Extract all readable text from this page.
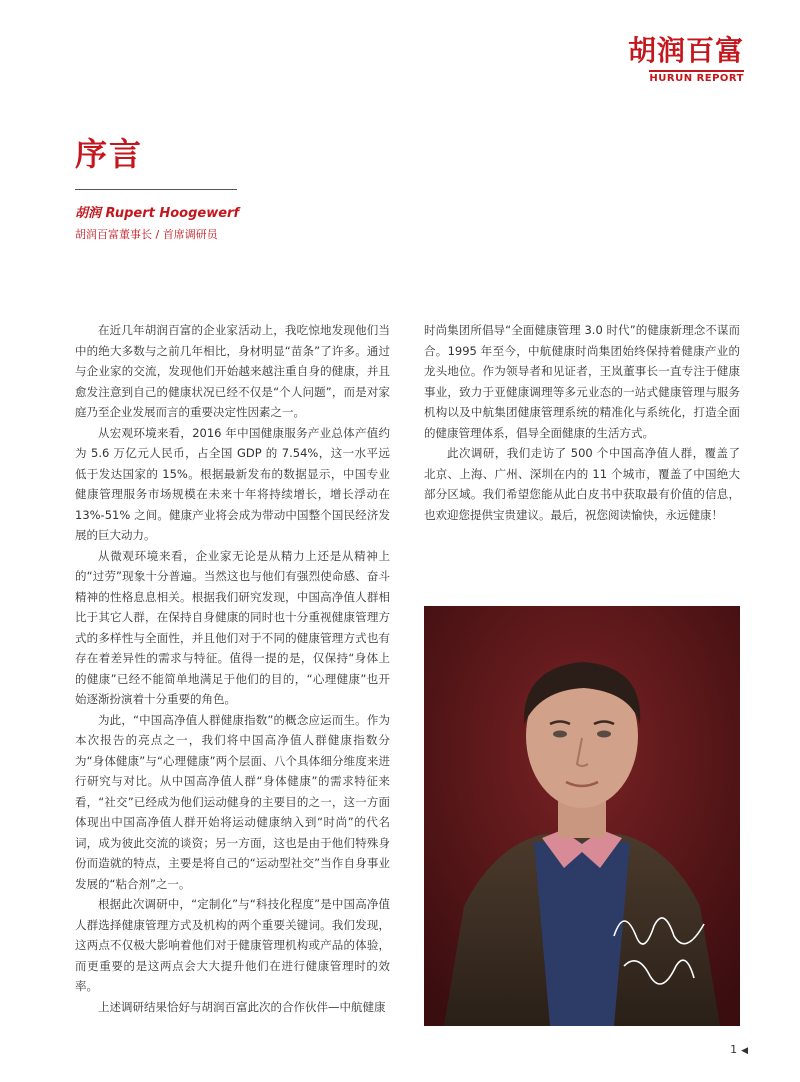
胡润百富
HURUN REPORT
序言
胡润 Rupert Hoogewerf
胡润百富董事长 / 首席调研员

在近几年胡润百富的企业家活动上，我吃惊地发现他们当中的绝大多数与之前几年相比，身材明显“苗条”了许多。通过与企业家的交流，发现他们开始越来越注重自身的健康，并且愈发注意到自己的健康状况已经不仅是“个人问题”，而是对家庭乃至企业发展而言的重要决定性因素之一。

从宏观环境来看，2016 年中国健康服务产业总体产值约为 5.6 万亿元人民币，占全国 GDP 的 7.54%，这一水平远低于发达国家的 15%。根据最新发布的数据显示，中国专业健康管理服务市场规模在未来十年将持续增长，增长浮动在 13%-51% 之间。健康产业将会成为带动中国整个国民经济发展的巨大动力。

从微观环境来看，企业家无论是从精力上还是从精神上的“过劳”现象十分普遍。当然这也与他们有强烈使命感、奋斗精神的性格息息相关。根据我们研究发现，中国高净值人群相比于其它人群，在保持自身健康的同时也十分重视健康管理方式的多样性与全面性，并且他们对于不同的健康管理方式也有存在着差异性的需求与特征。值得一提的是，仅保持“身体上的健康”已经不能简单地满足于他们的目的，“心理健康”也开始逐渐扮演着十分重要的角色。

为此，“中国高净值人群健康指数”的概念应运而生。作为本次报告的亮点之一，我们将中国高净值人群健康指数分为“身体健康”与“心理健康”两个层面、八个具体细分维度来进行研究与对比。从中国高净值人群“身体健康”的需求特征来看，“社交”已经成为他们运动健身的主要目的之一，这一方面体现出中国高净值人群开始将运动健康纳入到“时尚”的代名词，成为彼此交流的谈资；另一方面，这也是由于他们特殊身份而造就的特点，主要是将自己的“运动型社交”当作自身事业发展的“粘合剂”之一。

根据此次调研中，“定制化”与“科技化程度”是中国高净值人群选择健康管理方式及机构的两个重要关键词。我们发现，这两点不仅极大影响着他们对于健康管理机构或产品的体验，而更重要的是这两点会大大提升他们在进行健康管理时的效率。

上述调研结果恰好与胡润百富此次的合作伙伴—中航健康

时尚集团所倡导“全面健康管理 3.0 时代”的健康新理念不谋而合。1995 年至今，中航健康时尚集团始终保持着健康产业的龙头地位。作为领导者和见证者，王岚董事长一直专注于健康事业，致力于亚健康调理等多元业态的一站式健康管理与服务机构以及中航集团健康管理系统的精准化与系统化，打造全面的健康管理体系，倡导全面健康的生活方式。

此次调研，我们走访了 500 个中国高净值人群，覆盖了北京、上海、广州、深圳在内的 11 个城市，覆盖了中国绝大部分区域。我们希望您能从此白皮书中获取最有价值的信息，也欢迎您提供宝贵建议。最后，祝您阅读愉快，永远健康！

1 ◀
